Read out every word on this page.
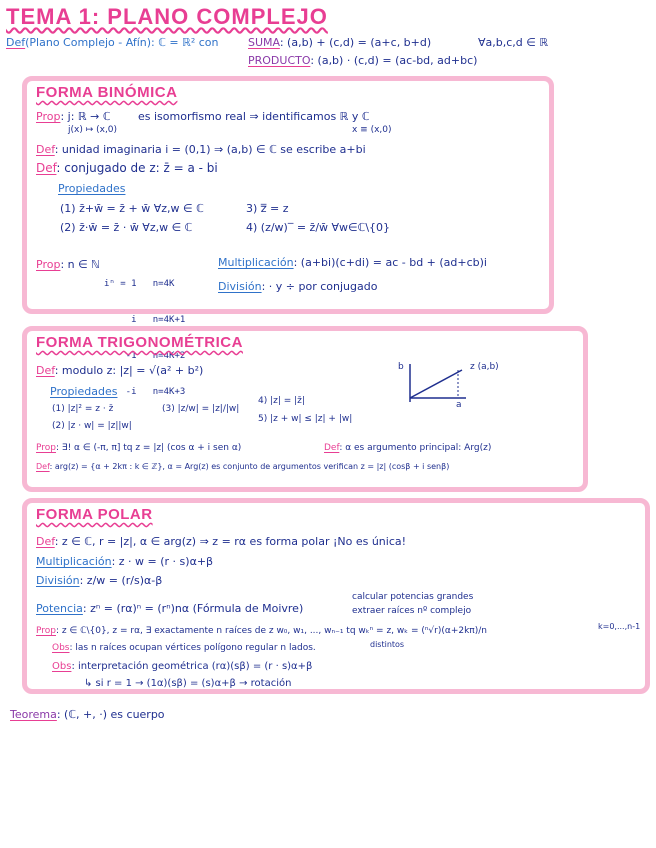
TEMA 1: PLANO COMPLEJO
Def(Plano Complejo - Afín): ℂ = ℝ² con	SUMA: (a,b) + (c,d) = (a+c, b+d)
PRODUCTO: (a,b) · (c,d) = (ac-bd, ad+bc)
∀a,b,c,d ∈ ℝ
FORMA BINÓMICA
Prop: j: ℝ → ℂ
j(x) ↦ (x,0)
es isomorfismo real ⇒ identificamos ℝ y ℂ
x ≡ (x,0)
Def: unidad imaginaria i = (0,1) ⇒ (a,b) ∈ ℂ se escribe a+bi
Def: conjugado de z: z̄ = a - bi
Propiedades
(1) z̄+w̄ = z̄ + w̄ ∀z,w ∈ ℂ
(2) z̄·w̄ = z̄ · w̄ ∀z,w ∈ ℂ
3) z̿ = z
4) (z/w)‾ = z̄/w̄ ∀w∈ℂ\{0}
Prop: n ∈ ℕ

iⁿ = 1   n=4K

i   n=4K+1

-1   n=4K+2

-i   n=4K+3

Multiplicación: (a+bi)(c+di) = ac - bd + (ad+cb)i
División: · y ÷ por conjugado
FORMA TRIGONOMÉTRICA
Def: modulo z: |z| = √(a² + b²)
Propiedades
(1) |z|² = z · z̄
(2) |z · w| = |z||w|
(3) |z/w| = |z|/|w|
4) |z| = |z̄|
5) |z + w| ≤ |z| + |w|
z (a,b)
b
a
Prop: ∃! α ∈ (-π, π] tq z = |z| (cos α + i sen α)	Def: α es argumento principal: Arg(z)
Def: arg(z) = {α + 2kπ : k ∈ ℤ}, α = Arg(z) es conjunto de argumentos verifican z = |z| (cosβ + i senβ)
FORMA POLAR
Def: z ∈ ℂ, r = |z|, α ∈ arg(z) ⇒ z = rα es forma polar ¡No es única!
Multiplicación: z · w = (r · s)α+β
División: z/w = (r/s)α-β
Potencia: zⁿ = (rα)ⁿ = (rⁿ)nα (Fórmula de Moivre)
calcular potencias grandes
extraer raíces nº complejo
Prop: z ∈ ℂ\{0}, z = rα, ∃ exactamente n raíces de z w₀, w₁, ..., wₙ₋₁ tq wₖⁿ = z, wₖ = (ⁿ√r)(α+2kπ)/n	k=0,...,n-1
distintos
Obs: las n raíces ocupan vértices polígono regular n lados.
Obs: interpretación geométrica (rα)(sβ) = (r · s)α+β
↳ si r = 1 → (1α)(sβ) = (s)α+β → rotación
Teorema: (ℂ, +, ·) es cuerpo
